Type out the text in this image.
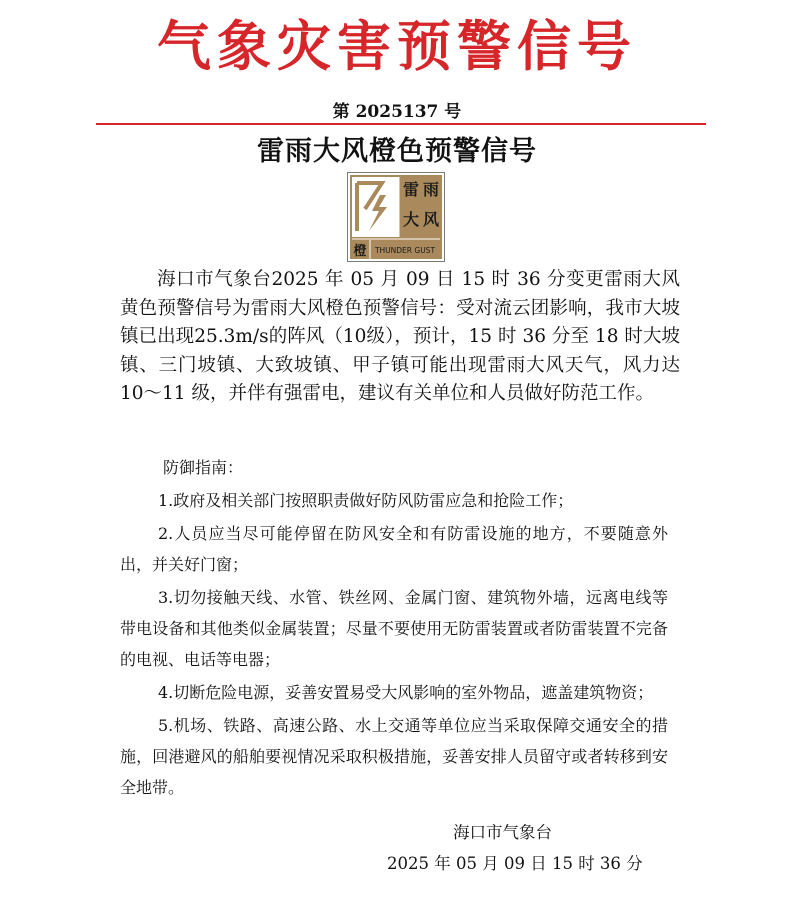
气象灾害预警信号
第 2025137 号
雷雨大风橙色预警信号
雷 雨
大 风
橙 THUNDER GUST
海口市气象台2025 年 05 月 09 日 15 时 36 分变更雷雨大风黄色预警信号为雷雨大风橙色预警信号：受对流云团影响，我市大坡镇已出现25.3m/s的阵风（10级），预计，15 时 36 分至 18 时大坡镇、三门坡镇、大致坡镇、甲子镇可能出现雷雨大风天气，风力达10～11 级，并伴有强雷电，建议有关单位和人员做好防范工作。
防御指南：
1.政府及相关部门按照职责做好防风防雷应急和抢险工作；
2.人员应当尽可能停留在防风安全和有防雷设施的地方，不要随意外出，并关好门窗；
3.切勿接触天线、水管、铁丝网、金属门窗、建筑物外墙，远离电线等带电设备和其他类似金属装置；尽量不要使用无防雷装置或者防雷装置不完备的电视、电话等电器；
4.切断危险电源，妥善安置易受大风影响的室外物品，遮盖建筑物资；
5.机场、铁路、高速公路、水上交通等单位应当采取保障交通安全的措施，回港避风的船舶要视情况采取积极措施，妥善安排人员留守或者转移到安全地带。
海口市气象台
2025 年 05 月 09 日 15 时 36 分
